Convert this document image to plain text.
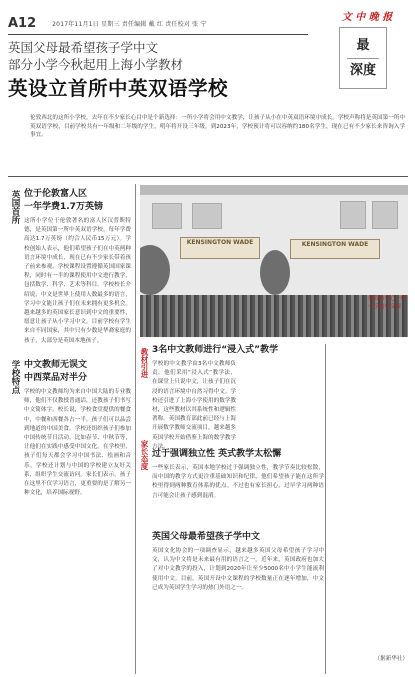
A12	2017年11月1日 星期三 责任编辑 戴 红 责任校对 张 宁
文 中 晚 报
最
深度
英国父母最希望孩子学中文
部分小学今秋起用上海小学教材
英设立首所中英双语学校
伦敦西北的这所小学校，去年在不少家长心目中是个新选择：一所小学将会用中文教学，让孩子从小在中英双语环境中成长。学校声称将是英国第一所中英双语学校，目前学校共有一年级和二年级的学生，明年将开设三年级。到2023年，学校预计将可以容纳约180名学生，现在已有不少家长来咨询入学事宜。
英国首所 位于伦敦富人区
一年学费1.7万英镑
这所小学位于伦敦著名的富人区汉普斯特德，是英国第一所中英双语学校。每年学费高达1.7万英镑（约合人民币15万元）。学校创始人表示，他们希望孩子们在中英两种语言环境中成长，现在已有不少家长带着孩子前来参观。学校课程设置遵循英国国家课程，同时有一半的课程使用中文进行教学，包括数学、科学、艺术等科目。学校校长介绍说，中文是世界上使用人数最多的语言，学习中文能让孩子们在未来拥有更多机会。越来越多的英国家长意识到中文的重要性，愿意让孩子从小学习中文。目前学校有学生来自不同国家，其中只有少数是华裔家庭的孩子，大部分是英国本地孩子。
学校特点 中文教师无误文
中西菜品对半分
学校的中文教师均为来自中国大陆的专业教师，他们不仅教授普通话，还教孩子们书写中文简体字。校长说，学校食堂提供的餐食中，中餐和西餐各占一半，孩子们可以品尝到地道的中国美食。学校还组织孩子们参加中国传统节日活动，比如春节、中秋节等，让他们在实践中感受中国文化。在学校里，孩子们每天都会学习中国书法、绘画和音乐。学校还计划与中国的学校建立友好关系，组织学生交流访问。家长们表示，孩子在这里不仅学习语言，更重要的是了解另一种文化，培养国际视野。
KENSINGTON WADE	KENSINGTON WADE
伦敦市中心一所小学的中文课
教材引进 3名中文教师进行“浸入式”教学
学校的中文教学由3名中文教师负责，他们采用“浸入式”教学法，在课堂上只说中文，让孩子们在沉浸的语言环境中自然习得中文。学校还引进了上海小学使用的数学教材，这些教材以其系统性和逻辑性著称。英国教育部此前已经与上海开展数学教师交流项目，越来越多英国学校开始借鉴上海的数学教学方法。
家长态度 过于强调独立性 英式教学太松懈
一些家长表示，英国本地学校过于强调独立性，教学节奏比较松散，而中国的教学方式更注重基础知识和纪律。他们希望孩子能在这所学校里得到两种教育体系的优点。不过也有家长担心，过早学习两种语言可能会让孩子感到混淆。
英国父母最希望孩子学中文
英国文化协会的一项调查显示，越来越多英国父母希望孩子学习中文，认为中文将是未来最有用的语言之一。近年来，英国政府也加大了对中文教学的投入，计划到2020年让至少5000名中小学生能流利使用中文。目前，英国开设中文课程的学校数量正在逐年增加，中文已成为英国学生学习的热门外语之一。
（据新华社）
